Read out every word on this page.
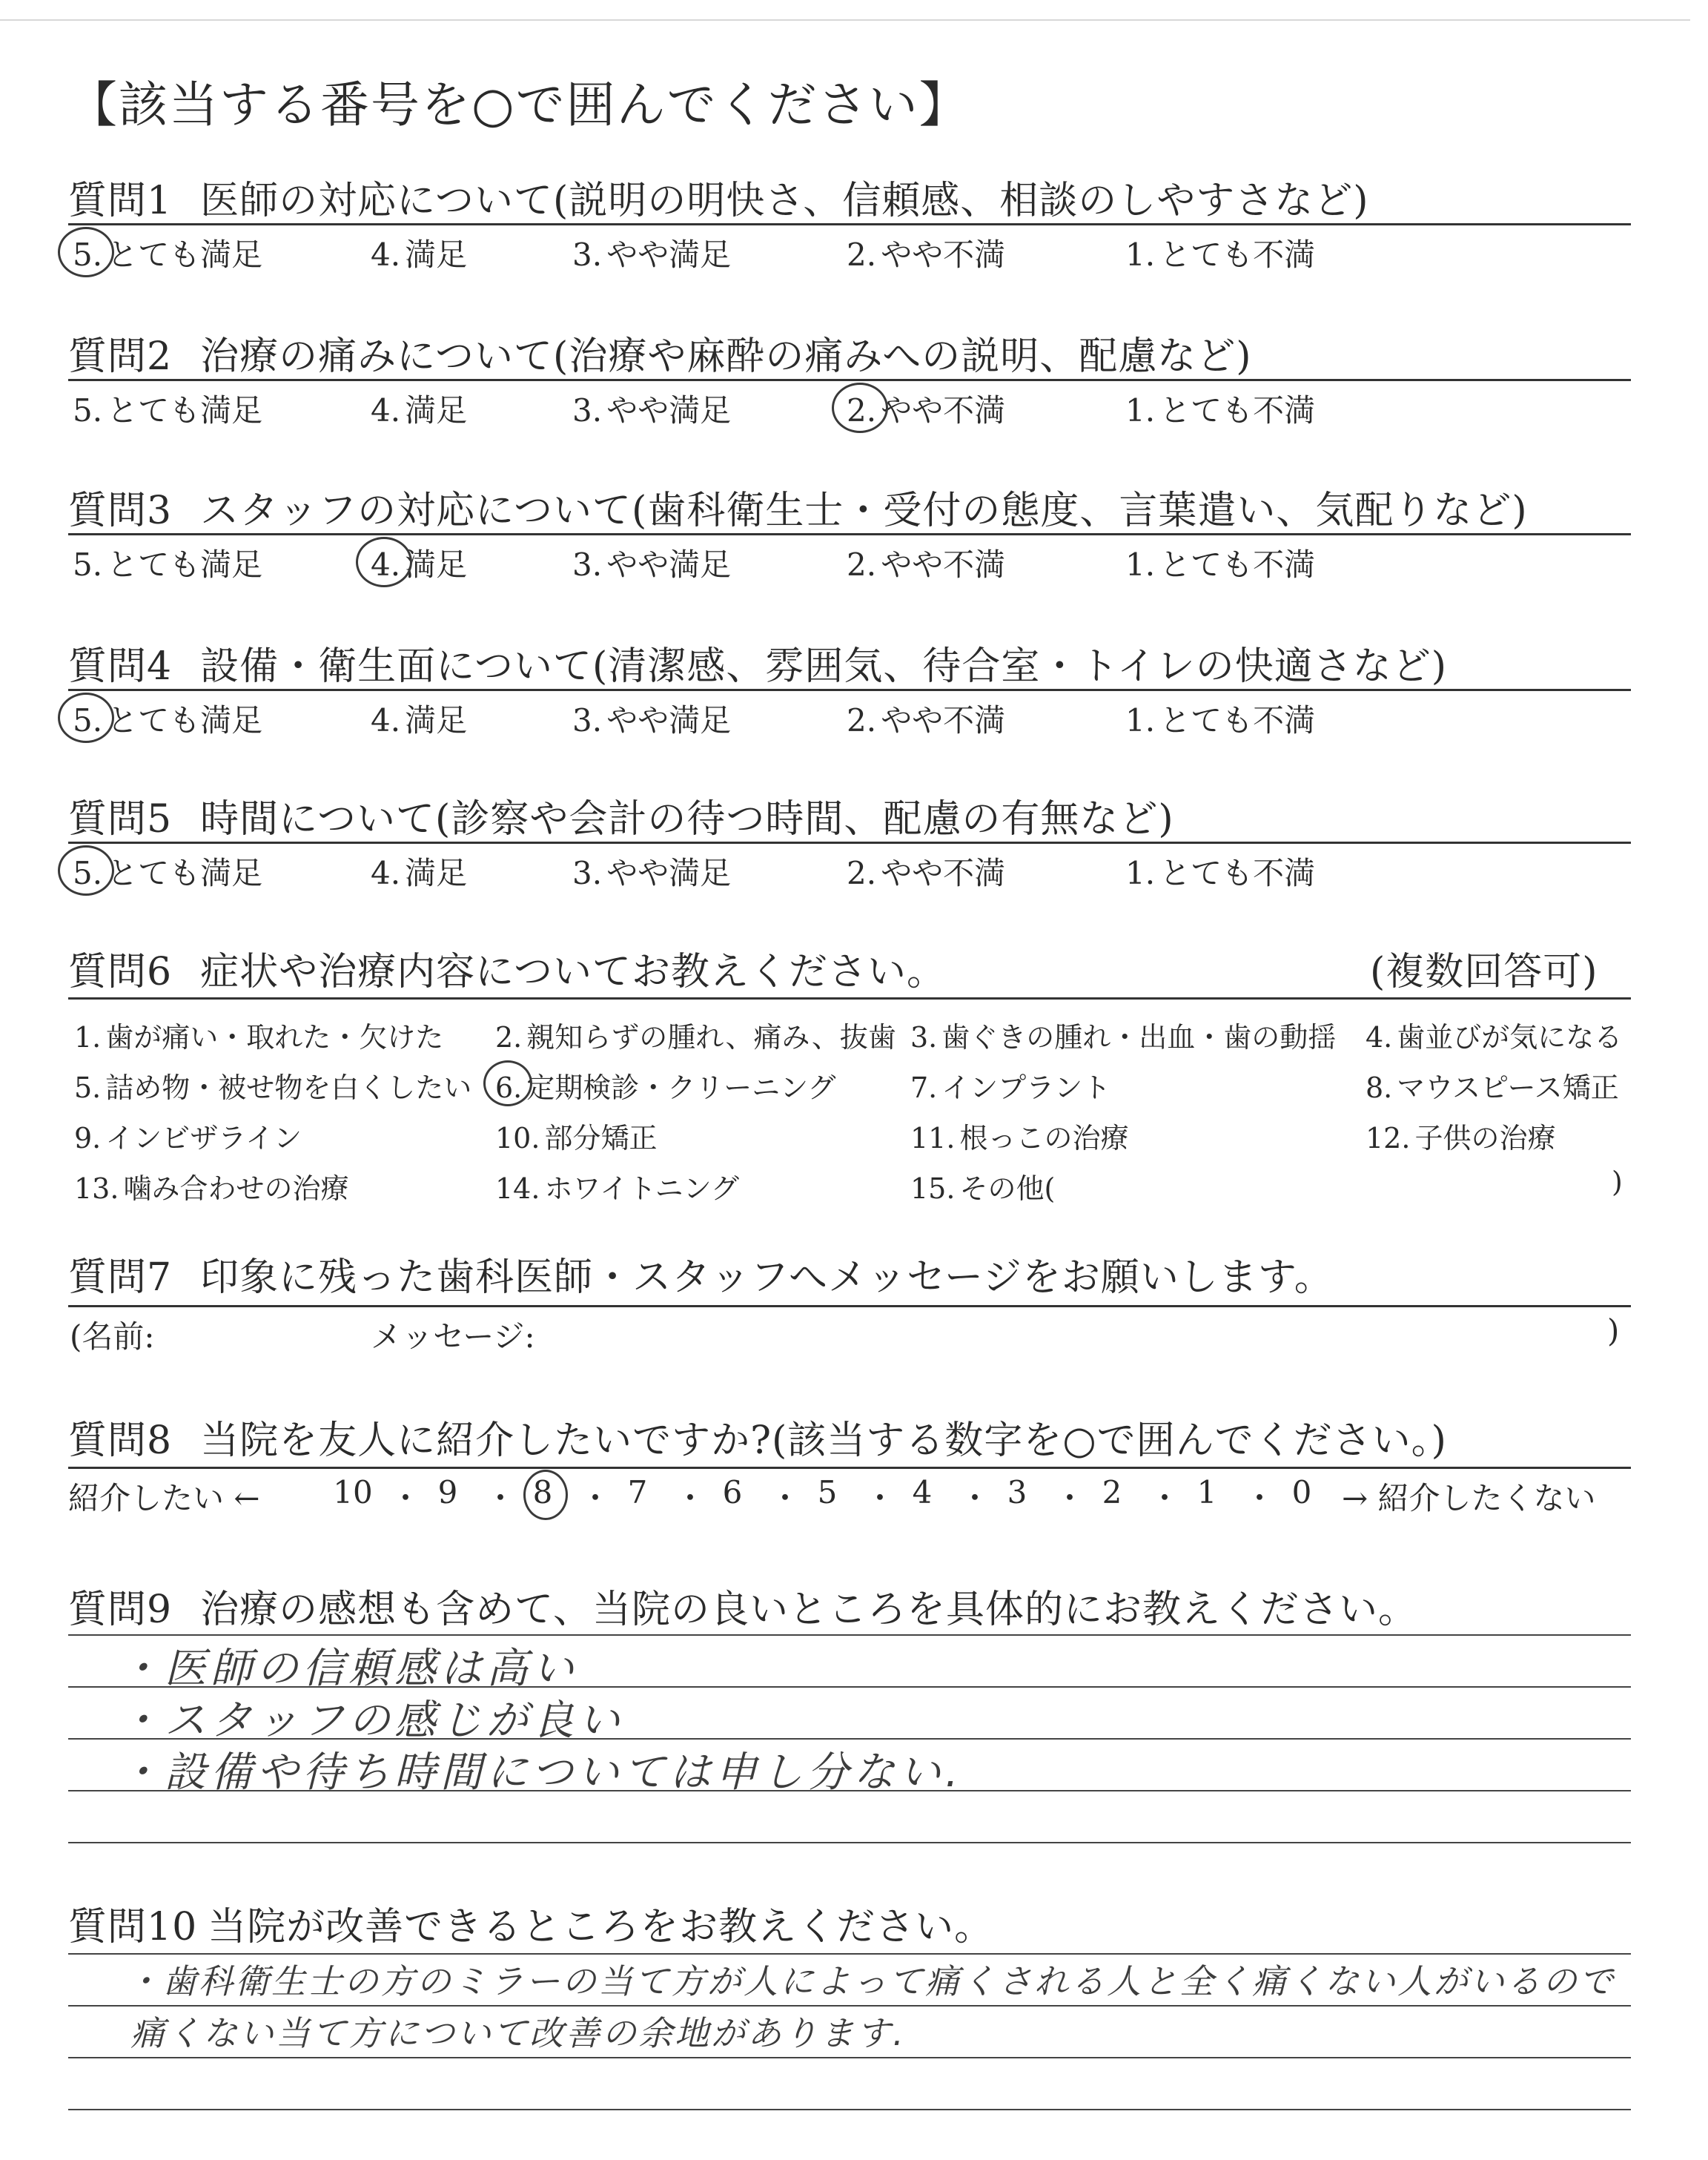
【該当する番号を○で囲んでください】
質問1 医師の対応について(説明の明快さ、信頼感、相談のしやすさなど)
5. とても満足	4. 満足	3. やや満足	2. やや不満	1. とても不満
質問2 治療の痛みについて(治療や麻酔の痛みへの説明、配慮など)
5. とても満足	4. 満足	3. やや満足	2. やや不満	1. とても不満
質問3 スタッフの対応について(歯科衛生士・受付の態度、言葉遣い、気配りなど)
5. とても満足	4. 満足	3. やや満足	2. やや不満	1. とても不満
質問4 設備・衛生面について(清潔感、雰囲気、待合室・トイレの快適さなど)
5. とても満足	4. 満足	3. やや満足	2. やや不満	1. とても不満
質問5 時間について(診察や会計の待つ時間、配慮の有無など)
5. とても満足	4. 満足	3. やや満足	2. やや不満	1. とても不満
質問6 症状や治療内容についてお教えください。	(複数回答可)
1. 歯が痛い・取れた・欠けた 2. 親知らずの腫れ、痛み、抜歯 3. 歯ぐきの腫れ・出血・歯の動揺 4. 歯並びが気になる
5. 詰め物・被せ物を白くしたい 6. 定期検診・クリーニング	7. インプラント	8. マウスピース矯正
9. インビザライン	10. 部分矯正	11. 根っこの治療	12. 子供の治療
13. 噛み合わせの治療	14. ホワイトニング	15. その他(	)
質問7 印象に残った歯科医師・スタッフへメッセージをお願いします。
(名前:	メッセージ:	)
質問8 当院を友人に紹介したいですか?(該当する数字を○で囲んでください。)
紹介したい ←	→ 紹介したくない
10 ・ 9 ・ 8 ・ 7 ・ 6 ・ 5 ・ 4 ・ 3 ・ 2 ・ 1 ・ 0
質問9 治療の感想も含めて、当院の良いところを具体的にお教えください。
・医師の信頼感は高い
・スタッフの感じが良い
・設備や待ち時間については申し分ない.
質問10 当院が改善できるところをお教えください。
・歯科衛生士の方のミラーの当て方が人によって痛くされる人と全く痛くない人がいるので
痛くない当て方について改善の余地があります.
